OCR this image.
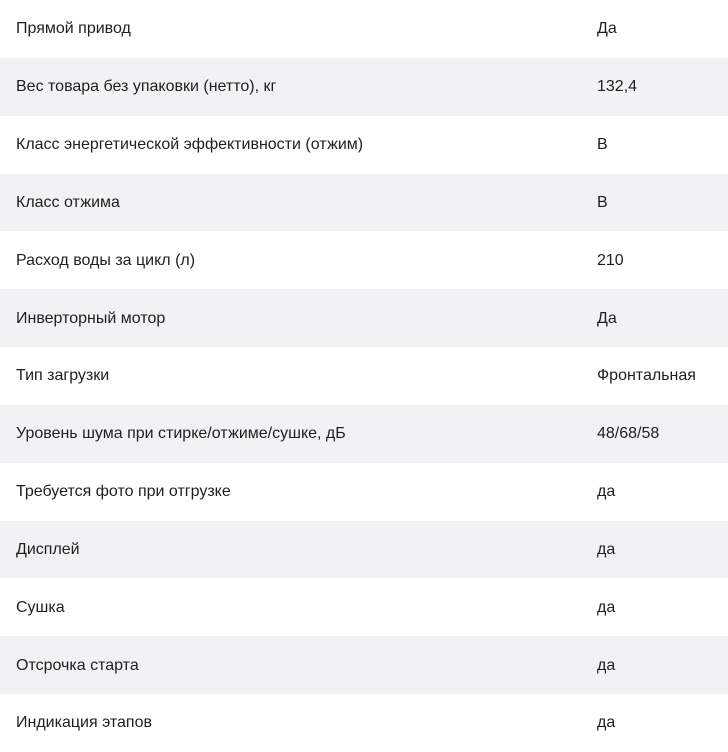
Прямой привод	Да
Вес товара без упаковки (нетто), кг	132,4
Класс энергетической эффективности (отжим)	B
Класс отжима	B
Расход воды за цикл (л)	210
Инверторный мотор	Да
Тип загрузки	Фронтальная
Уровень шума при стирке/отжиме/сушке, дБ	48/68/58
Требуется фото при отгрузке	да
Дисплей	да
Сушка	да
Отсрочка старта	да
Индикация этапов	да
